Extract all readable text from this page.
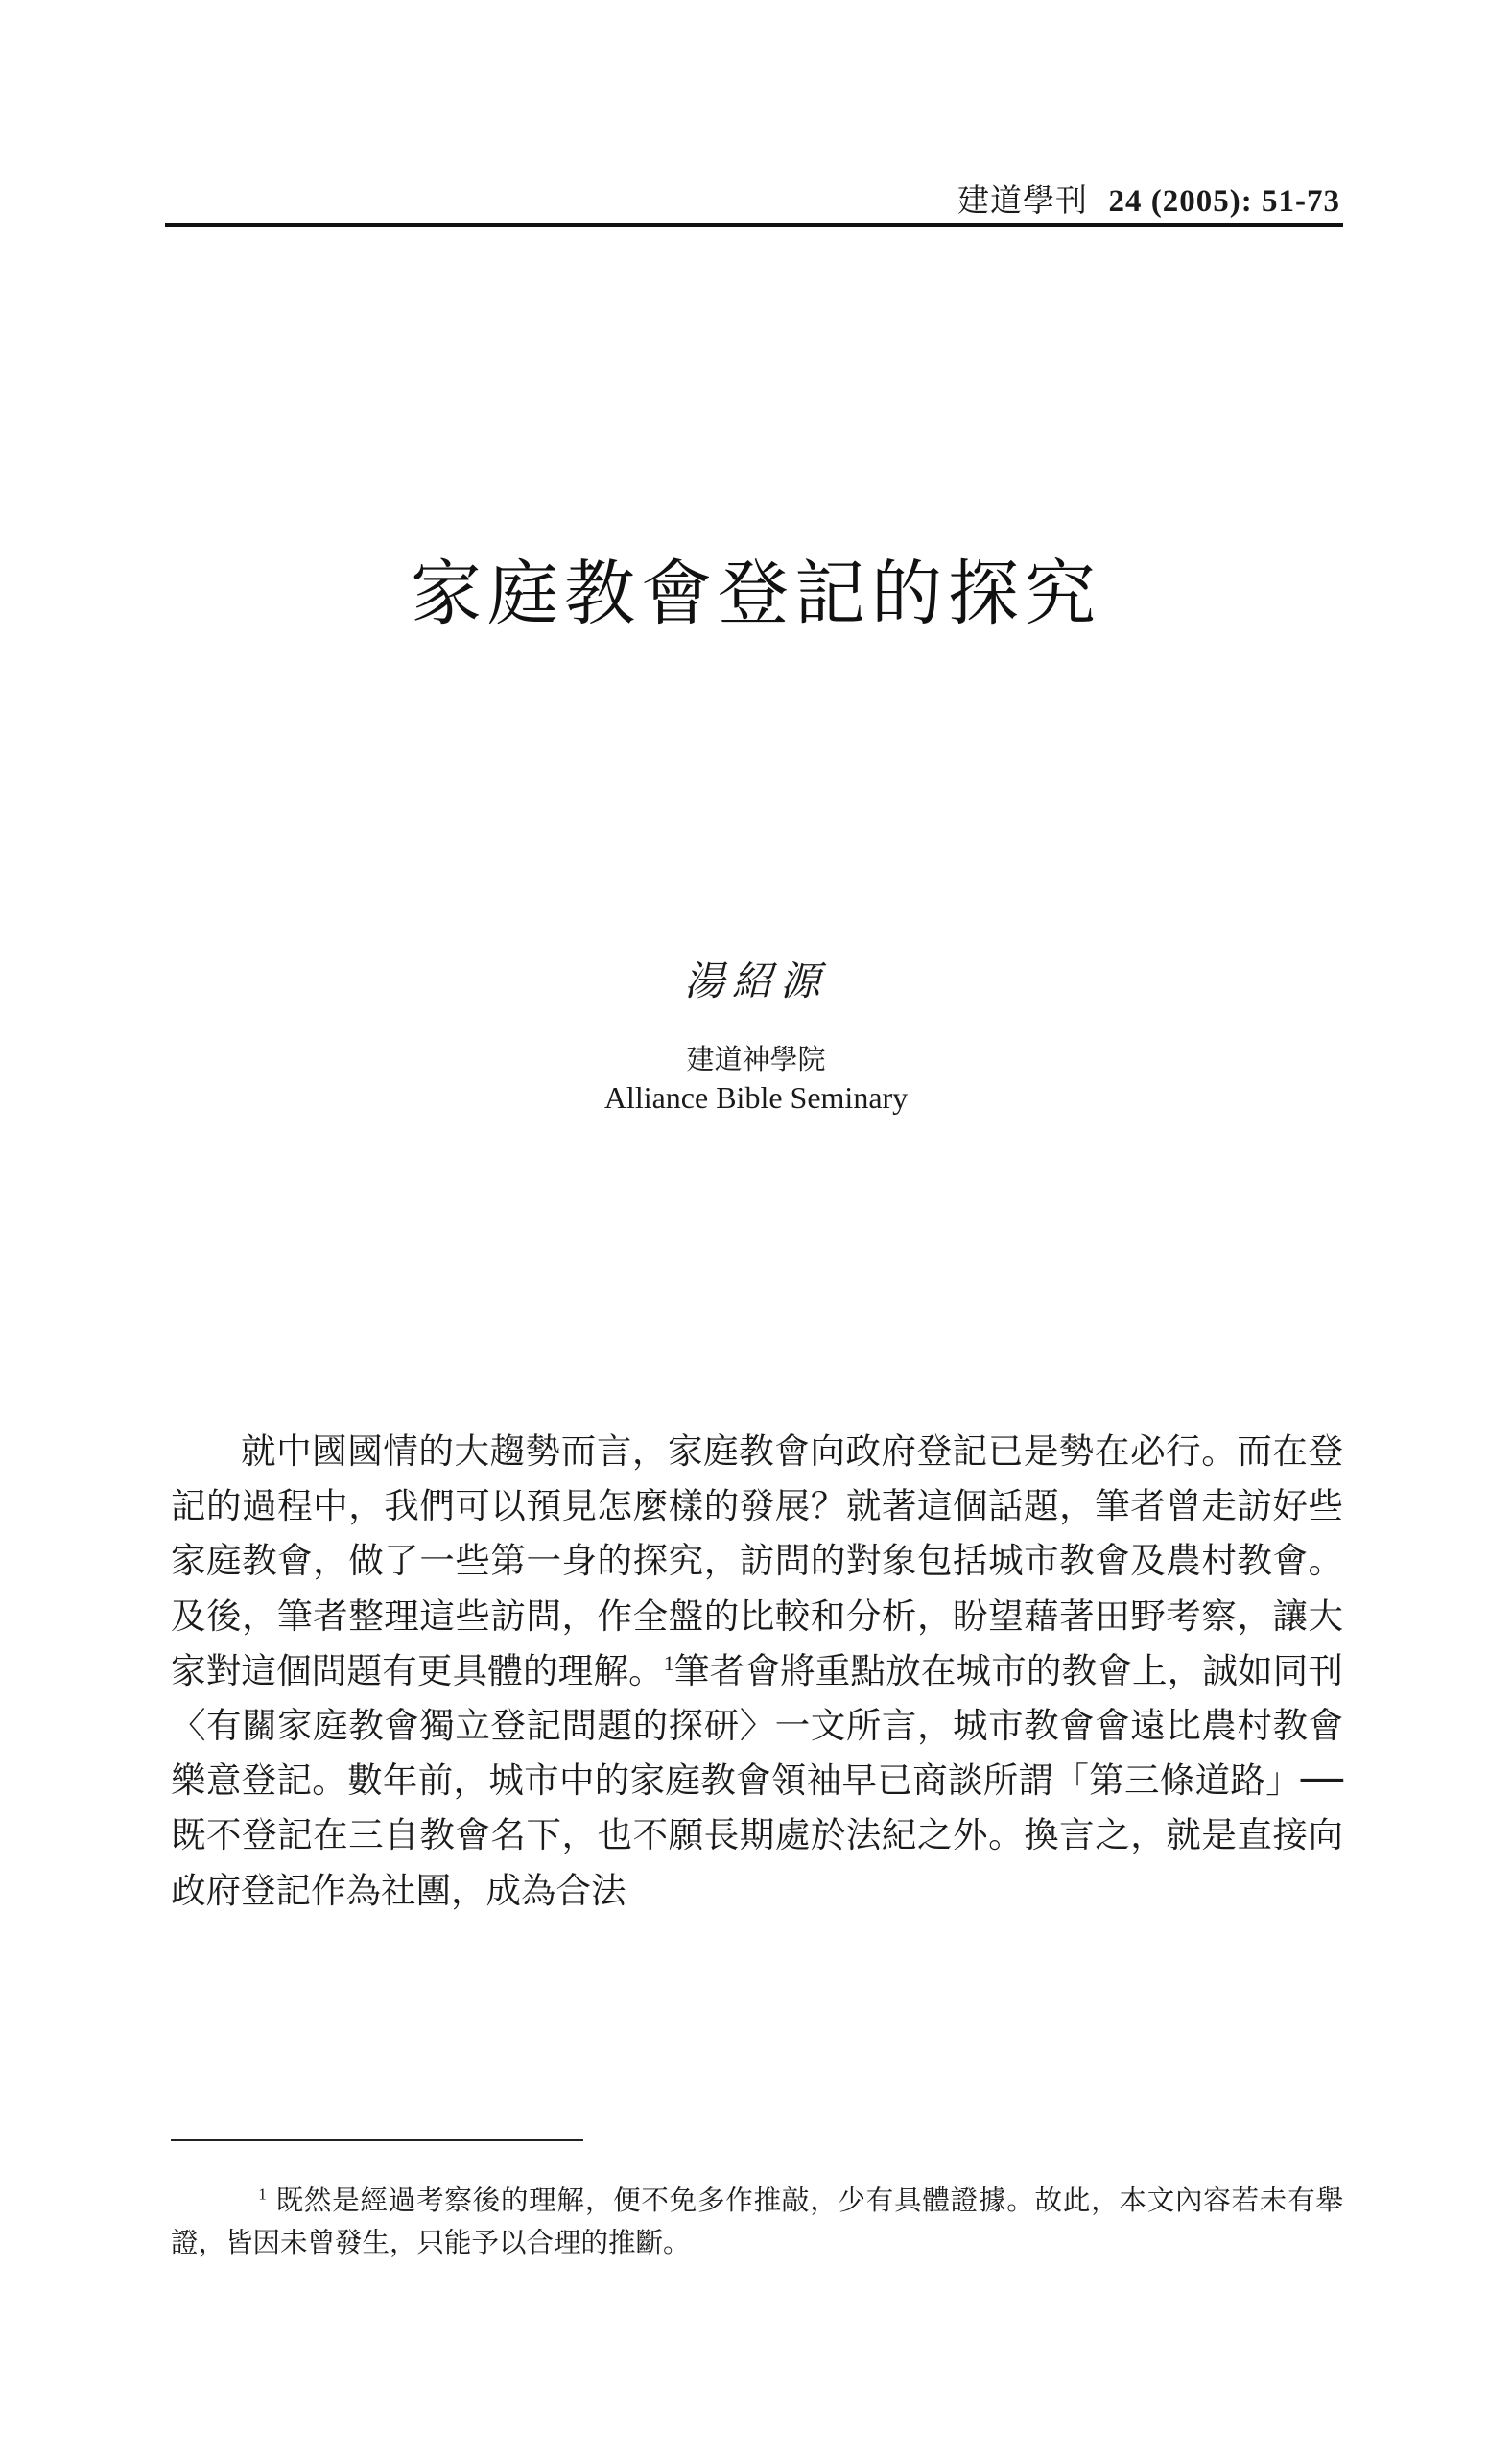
建道學刊 24 (2005): 51-73
家庭教會登記的探究
湯紹源
建道神學院
Alliance Bible Seminary

就中國國情的大趨勢而言，家庭教會向政府登記已是勢在必行。而在登記的過程中，我們可以預見怎麼樣的發展？就著這個話題，筆者曾走訪好些家庭教會，做了一些第一身的探究，訪問的對象包括城市教會及農村教會。及後，筆者整理這些訪問，作全盤的比較和分析，盼望藉著田野考察，讓大家對這個問題有更具體的理解。$^1$筆者會將重點放在城市的教會上，誠如同刊〈有關家庭教會獨立登記問題的探研〉一文所言，城市教會會遠比農村教會樂意登記。數年前，城市中的家庭教會領袖早已商談所謂「第三條道路」──既不登記在三自教會名下，也不願長期處於法紀之外。換言之，就是直接向政府登記作為社團，成為合法

$^1$ 既然是經過考察後的理解，便不免多作推敲，少有具體證據。故此，本文內容若未有舉證，皆因未曾發生，只能予以合理的推斷。
